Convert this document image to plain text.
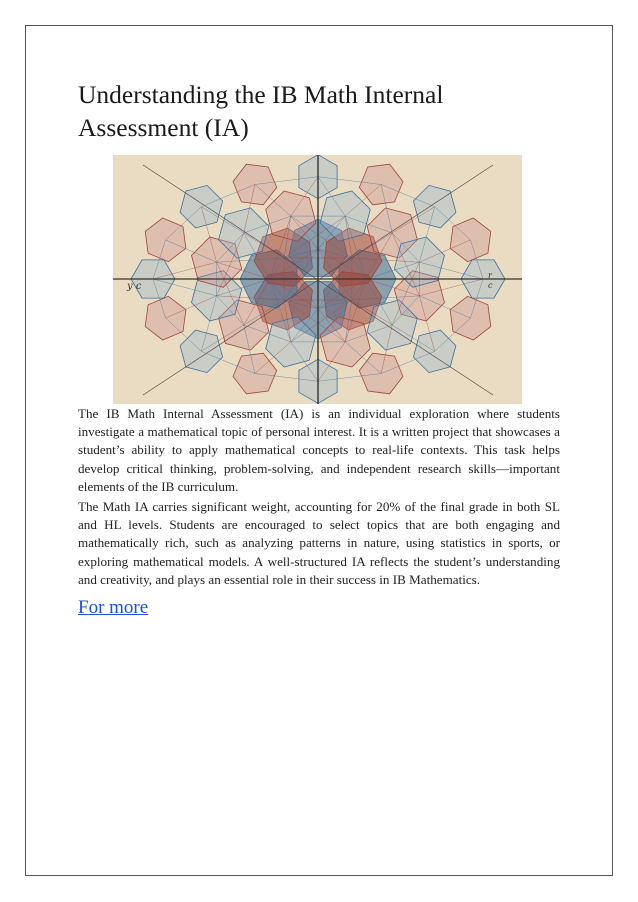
Understanding the IB Math Internal Assessment (IA)
y c
r
c

The IB Math Internal Assessment (IA) is an individual exploration where students investigate a mathematical topic of personal interest. It is a written project that showcases a student’s ability to apply mathematical concepts to real-life contexts. This task helps develop critical thinking, problem-solving, and independent research skills—important elements of the IB curriculum.

The Math IA carries significant weight, accounting for 20% of the final grade in both SL and HL levels. Students are encouraged to select topics that are both engaging and mathematically rich, such as analyzing patterns in nature, using statistics in sports, or exploring mathematical models. A well-structured IA reflects the student’s understanding and creativity, and plays an essential role in their success in IB Mathematics.

For more
